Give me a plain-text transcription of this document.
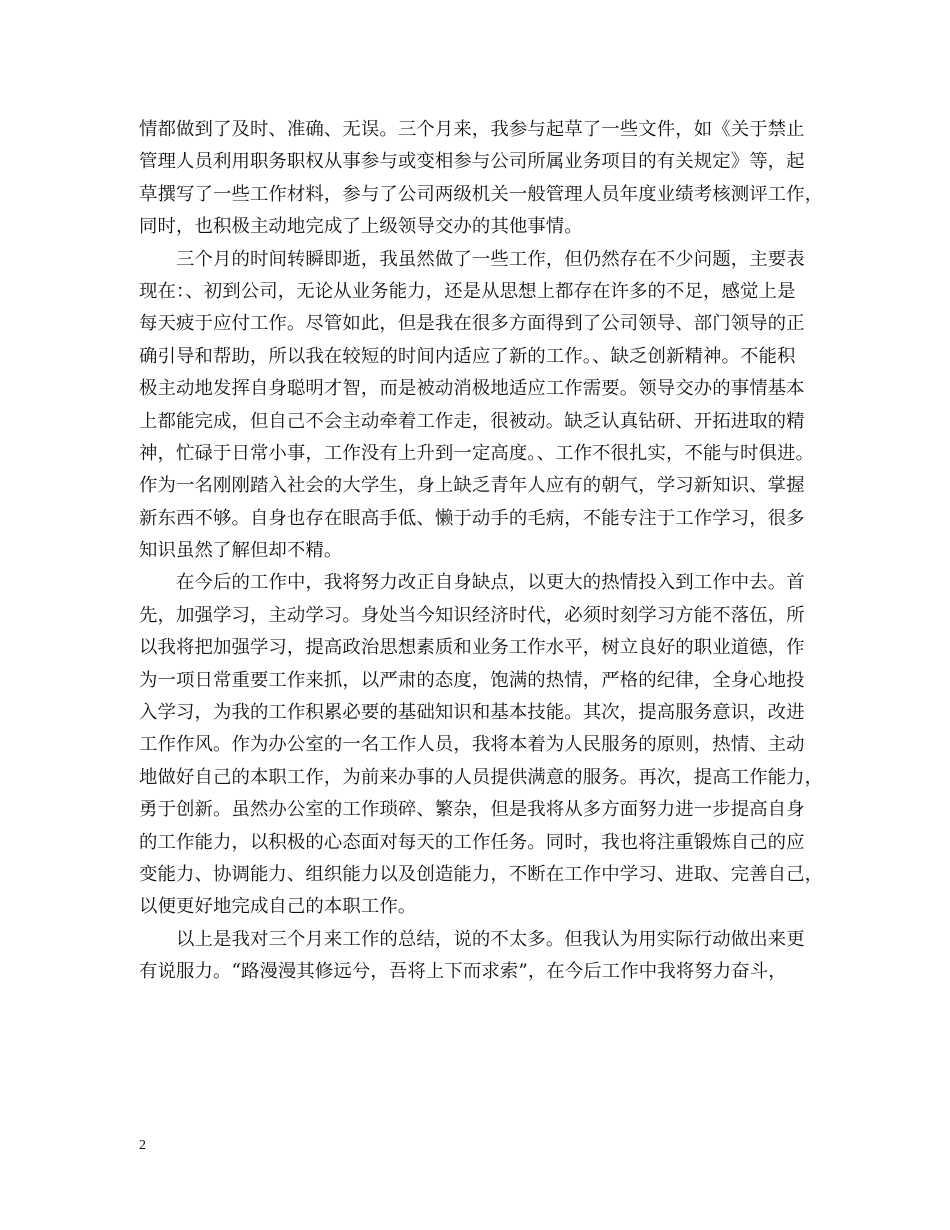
情都做到了及时、准确、无误。三个月来，我参与起草了一些文件，如《关于禁止
管理人员利用职务职权从事参与或变相参与公司所属业务项目的有关规定》等，起
草撰写了一些工作材料，参与了公司两级机关一般管理人员年度业绩考核测评工作，
同时，也积极主动地完成了上级领导交办的其他事情。
三个月的时间转瞬即逝，我虽然做了一些工作，但仍然存在不少问题，主要表
现在：、初到公司，无论从业务能力，还是从思想上都存在许多的不足，感觉上是
每天疲于应付工作。尽管如此，但是我在很多方面得到了公司领导、部门领导的正
确引导和帮助，所以我在较短的时间内适应了新的工作。、缺乏创新精神。不能积
极主动地发挥自身聪明才智，而是被动消极地适应工作需要。领导交办的事情基本
上都能完成，但自己不会主动牵着工作走，很被动。缺乏认真钻研、开拓进取的精
神，忙碌于日常小事，工作没有上升到一定高度。、工作不很扎实，不能与时俱进。
作为一名刚刚踏入社会的大学生，身上缺乏青年人应有的朝气，学习新知识、掌握
新东西不够。自身也存在眼高手低、懒于动手的毛病，不能专注于工作学习，很多
知识虽然了解但却不精。
在今后的工作中，我将努力改正自身缺点，以更大的热情投入到工作中去。首
先，加强学习，主动学习。身处当今知识经济时代，必须时刻学习方能不落伍，所
以我将把加强学习，提高政治思想素质和业务工作水平，树立良好的职业道德，作
为一项日常重要工作来抓，以严肃的态度，饱满的热情，严格的纪律，全身心地投
入学习，为我的工作积累必要的基础知识和基本技能。其次，提高服务意识，改进
工作作风。作为办公室的一名工作人员，我将本着为人民服务的原则，热情、主动
地做好自己的本职工作，为前来办事的人员提供满意的服务。再次，提高工作能力，
勇于创新。虽然办公室的工作琐碎、繁杂，但是我将从多方面努力进一步提高自身
的工作能力，以积极的心态面对每天的工作任务。同时，我也将注重锻炼自己的应
变能力、协调能力、组织能力以及创造能力，不断在工作中学习、进取、完善自己，
以便更好地完成自己的本职工作。
以上是我对三个月来工作的总结，说的不太多。但我认为用实际行动做出来更
有说服力。“路漫漫其修远兮，吾将上下而求索”，在今后工作中我将努力奋斗，
2
